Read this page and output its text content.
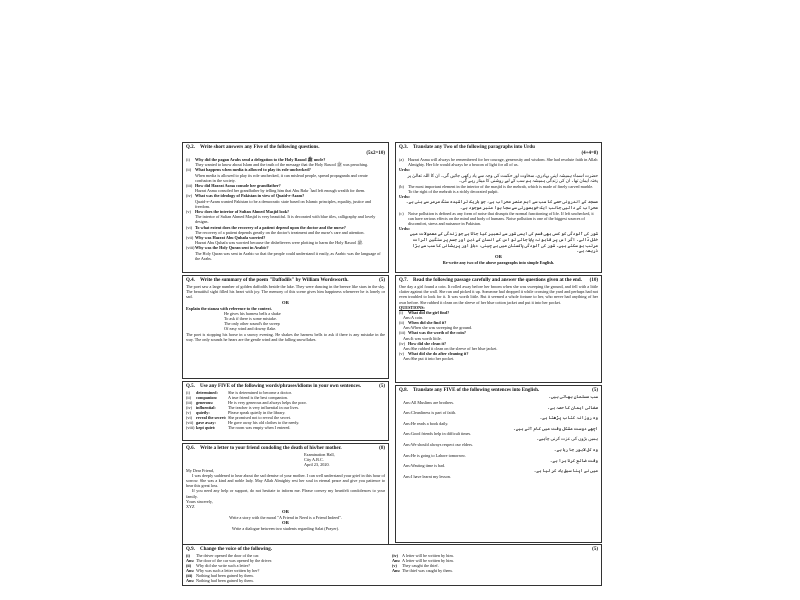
Q.2.	Write short answers any Five of the following questions.
(5x2=10)
(i)	Why did the pagan Arabs send a delegation to the Holy Rasool ﷺ uncle?
They wanted to know about Islam and the truth of the message that the Holy Rasool ﷺ was preaching.
(ii) What happens when media is allowed to play its role unchecked?
When media is allowed to play its role unchecked, it can mislead people, spread propaganda and create confusion in the society.
(iii) How did Hazrat Asma console her grandfather?
Hazrat Asma consoled her grandfather by telling him that Abu Bakr ؓ had left enough wealth for them.
(iv) What was the ideology of Pakistan in view of Quaid-e-Azam?
Quaid-e-Azam wanted Pakistan to be a democratic state based on Islamic principles, equality, justice and freedom.
(v) How does the interior of Sultan Ahmed Masjid look?
The interior of Sultan Ahmed Masjid is very beautiful. It is decorated with blue tiles, calligraphy and lovely designs.
(vi) To what extent does the recovery of a patient depend upon the doctor and the nurse?
The recovery of a patient depends greatly on the doctor's treatment and the nurse's care and attention.
(vii) Why was Hazrat Abu Quhafa worried?
Hazrat Abu Quhafa was worried because the disbelievers were plotting to harm the Holy Rasool ﷺ.
(viii) Why was the Holy Quran sent in Arabic?
The Holy Quran was sent in Arabic so that the people could understand it easily, as Arabic was the language of the Arabs.
Q.4.	Write the summary of the poem "Daffodils" by William Wordsworth.	(5)

The poet saw a large number of golden daffodils beside the lake. They were dancing in the breeze like stars in the sky. The beautiful sight filled his heart with joy. The memory of this scene gives him happiness whenever he is lonely or sad.

OR
Explain the stanza with reference to the context.
He gives his harness bells a shake
To ask if there is some mistake.
The only other sound's the sweep
Of easy wind and downy flake.

The poet is stopping his horse in a snowy evening. He shakes the harness bells to ask if there is any mistake in the way. The only sounds he hears are the gentle wind and the falling snowflakes.

Q.5.	Use any FIVE of the following words/phrases/idioms in your own sentences.	(5)
(i)	determined:	She is determined to become a doctor.
(ii)	companion:	A true friend is the best companion.
(iii) generous:	He is very generous and always helps the poor.
(iv) influential:	The teacher is very influential in our lives.
(v)	quietly:	Please speak quietly in the library.
(vi) reveal the secret: She promised not to reveal the secret.
(vii) gave away:	He gave away his old clothes to the needy.
(viii) kept quiet:	The room was empty when I entered.
Q.6.	Write a letter to your friend condoling the death of his/her mother.	(8)
Examination Hall,
City A.B.C.
April 23, 2020.
My Dear Friend,

I was deeply saddened to hear about the sad demise of your mother. I can well understand your grief in this hour of sorrow. She was a kind and noble lady. May Allah Almighty rest her soul in eternal peace and give you patience to bear this great loss.

If you need any help or support, do not hesitate to inform me. Please convey my heartfelt condolences to your family.

Yours sincerely,
XYZ
OR
Write a story with the moral "A Friend in Need is a Friend Indeed".
OR
Write a dialogue between two students regarding Salat (Prayer).
Q.3.	Translate any Two of the following paragraphs into Urdu
(4+4=8)
(a)	Hazrat Asma will always be remembered for her courage, generosity and wisdom. She had resolute faith in Allah Almighty. Her life would always be a beacon of light for all of us.
Urdu:
حضرت اسماء ہمیشہ اپنی بہادری، سخاوت اور حکمت کی وجہ سے یاد رکھی جائیں گی۔ ان کا اللہ تعالیٰ پر پختہ ایمان تھا۔ ان کی زندگی ہمیشہ ہم سب کے لیے روشنی کا مینار رہے گی۔
(b) The most important element in the interior of the masjid is the mehrab, which is made of finely carved marble. To the right of the mehrab is a richly decorated pulpit.
Urdu:
مسجد کے اندرونی حصے کا سب سے اہم عنصر محراب ہے، جو باریک تراشیدہ سنگ مرمر سے بنی ہے۔ محراب کے دائیں جانب ایک خوبصورتی سے سجا ہوا منبر موجود ہے۔
(c)	Noise pollution is defined as any form of noise that disrupts the normal functioning of life. If left unchecked, it can have serious effects on the mind and body of humans. Noise pollution is one of the biggest sources of discomfort, stress and nuisance in Pakistan.
Urdu:
شور کی آلودگی کو کسی بھی قسم کی ایسی شور سے تعبیر کیا جاتا ہے جو زندگی کے معمولات میں خلل ڈالے۔ اگر اس پر قابو نہ پایا جائے تو اس کے انسان کے ذہن اور جسم پر سنگین اثرات مرتب ہو سکتے ہیں۔ شور کی آلودگی پاکستان میں بے چینی، دباؤ اور پریشانی کا سب سے بڑا ذریعہ ہے۔
OR
Re-write any two of the above paragraphs into simple English.
Q.7.	Read the following passage carefully and answer the questions given at the end.	(10)

One day a girl found a coin. It rolled away before her broom when she was sweeping the ground, and fell with a little clatter against the wall. She ran and picked it up. Someone had dropped it while crossing the yard and perhaps had not even troubled to look for it. It was worth little. But it seemed a whole fortune to her, who never had anything of her own before. She rubbed it clean on the sleeve of her blue cotton jacket and put it into her pocket.

QUESTIONS:
(i)	What did the girl find?
Ans: A coin.
(ii) When did she find it?
Ans: When she was sweeping the ground.
(iii) What was the worth of the coin?
Ans: It was worth little.
(iv) How did she clean it?
Ans: She rubbed it clean on the sleeve of her blue jacket.
(v) What did she do after cleaning it?
Ans: She put it into her pocket.
Q.8.	Translate any FIVE of the following sentences into English.	(5)
سب مسلمان بھائی ہیں۔
Ans: All Muslims are brothers.
صفائی ایمان کا حصہ ہے۔
Ans: Cleanliness is part of faith.
وہ روزانہ کتاب پڑھتا ہے۔
Ans: He reads a book daily.
اچھے دوست مشکل وقت میں کام آتے ہیں۔
Ans: Good friends help in difficult times.
ہمیں بڑوں کی عزت کرنی چاہیے۔
Ans: We should always respect our elders.
وہ کل لاہور جا رہا ہے۔
Ans: He is going to Lahore tomorrow.
وقت ضائع کرنا برا ہے۔
Ans: Wasting time is bad.
میں نے اپنا سبق یاد کر لیا ہے۔
Ans: I have learnt my lesson.
Q.9.	Change the voice of the following.	(5)
(i)	The driver opened the door of the car.
Ans: The door of the car was opened by the driver.
(ii)	Why did she write such a letter?
Ans: Why was such a letter written by her?
(iii) Nothing had been gained by them.
Ans: Nothing had been gained by them.
(iv) A letter will be written by him.
Ans: A letter will be written by him.
(v)	They caught the thief.
Ans: The thief was caught by them.
